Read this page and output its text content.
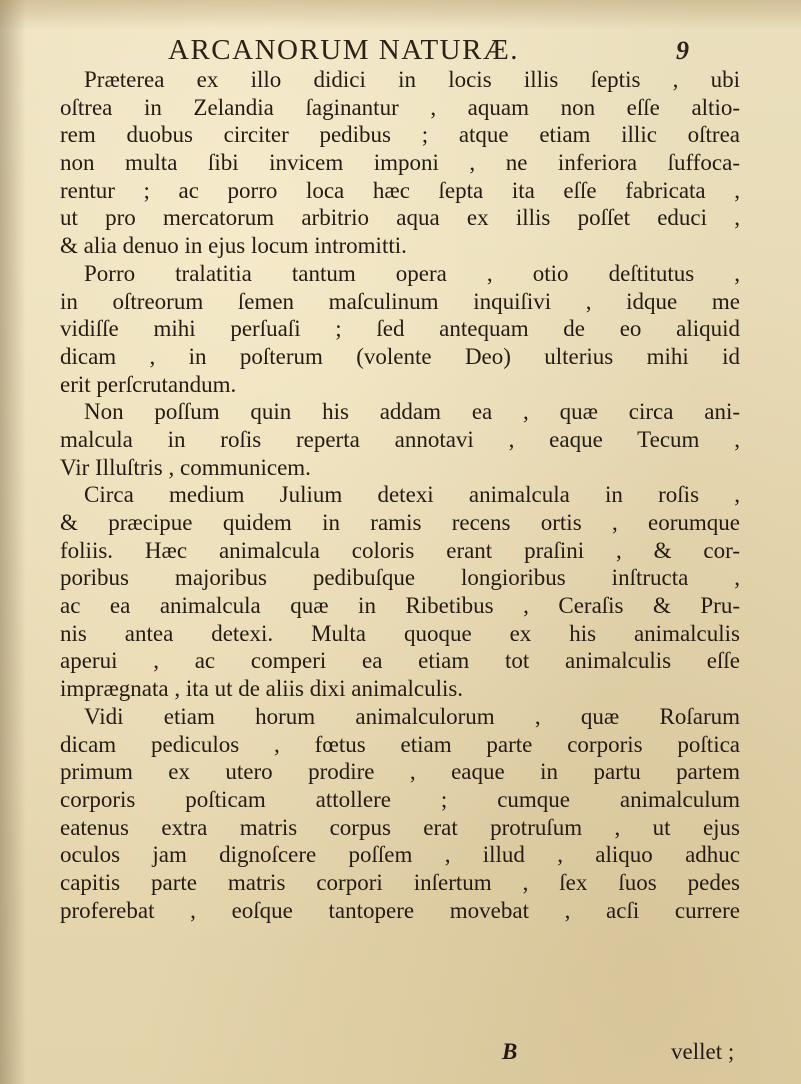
ARCANORUM NATURÆ.	9
Præterea ex illo didici in locis illis ſeptis , ubi
oſtrea in Zelandia ſaginantur , aquam non eſſe altio-
rem duobus circiter pedibus ; atque etiam illic oſtrea
non multa ſibi invicem imponi , ne inferiora ſuffoca-
rentur ; ac porro loca hæc ſepta ita eſſe fabricata ,
ut pro mercatorum arbitrio aqua ex illis poſſet educi ,
& alia denuo in ejus locum intromitti.
Porro tralatitia tantum opera , otio deſtitutus ,
in oſtreorum ſemen maſculinum inquiſivi , idque me
vidiſſe mihi perſuaſi ; ſed antequam de eo aliquid
dicam , in poſterum (volente Deo) ulterius mihi id
erit perſcrutandum.
Non poſſum quin his addam ea , quæ circa ani-
malcula in roſis reperta annotavi , eaque Tecum ,
Vir Illuſtris , communicem.
Circa medium Julium detexi animalcula in roſis ,
& præcipue quidem in ramis recens ortis , eorumque
foliis. Hæc animalcula coloris erant praſini , & cor-
poribus majoribus pedibuſque longioribus inſtructa ,
ac ea animalcula quæ in Ribetibus , Ceraſis & Pru-
nis antea detexi. Multa quoque ex his animalculis
aperui , ac comperi ea etiam tot animalculis eſſe
imprægnata , ita ut de aliis dixi animalculis.
Vidi etiam horum animalculorum , quæ Roſarum
dicam pediculos , fœtus etiam parte corporis poſtica
primum ex utero prodire , eaque in partu partem
corporis poſticam attollere ; cumque animalculum
eatenus extra matris corpus erat protruſum , ut ejus
oculos jam dignoſcere poſſem , illud , aliquo adhuc
capitis parte matris corpori inſertum , ſex ſuos pedes
proferebat , eoſque tantopere movebat , acſi currere
B	vellet ;
